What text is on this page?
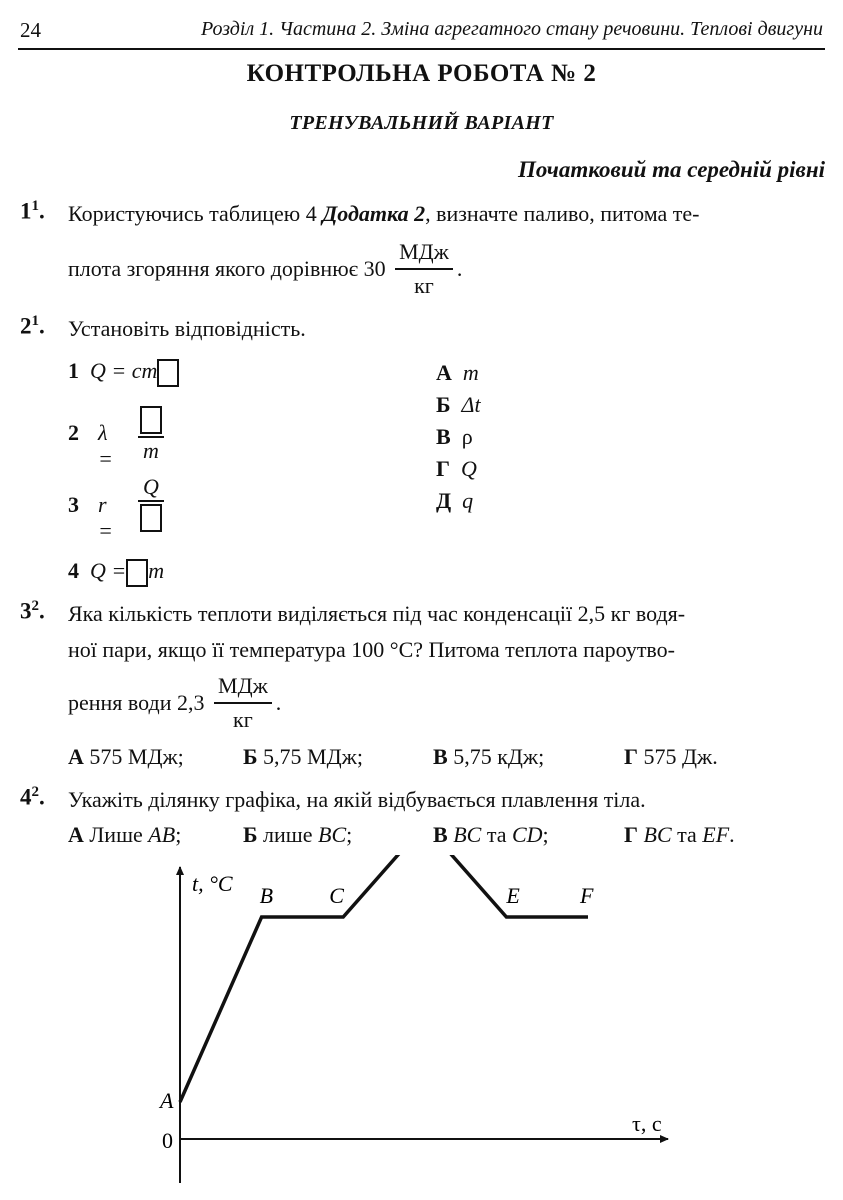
24	Розділ 1. Частина 2. Зміна агрегатного стану речовини. Теплові двигуни
КОНТРОЛЬНА РОБОТА № 2
ТРЕНУВАЛЬНИЙ ВАРІАНТ
Початковий та середній рівні
$1^1$. Користуючись таблицею 4 Додатка 2, визначте паливо, питома те-
плота згоряння якого дорівнює $30 \frac{\text{МДж}}{кг}$ .
$2^1$. Установіть відповідність.
1 Q = cm
2 λ = m
3 r =
Q
4 Q = m
А m
Б Δt
В ρ
Г Q
Д q
$3^2$. Яка кількість теплоти виділяється під час конденсації 2,5 кг водя-
ної пари, якщо її температура 100 °С? Питома теплота пароутво-
рення води $2,3 \frac{\text{МДж}}{кг}$ .
А 575 МДж;	Б 5,75 МДж;	В 5,75 кДж;	Г 575 Дж.
$4^2$. Укажіть ділянку графіка, на якій відбувається плавлення тіла.
А Лише AB;	Б лише BC;	В BC та CD;	Г BC та EF.
t, °C
τ, с
0
A
B	C	E	F
